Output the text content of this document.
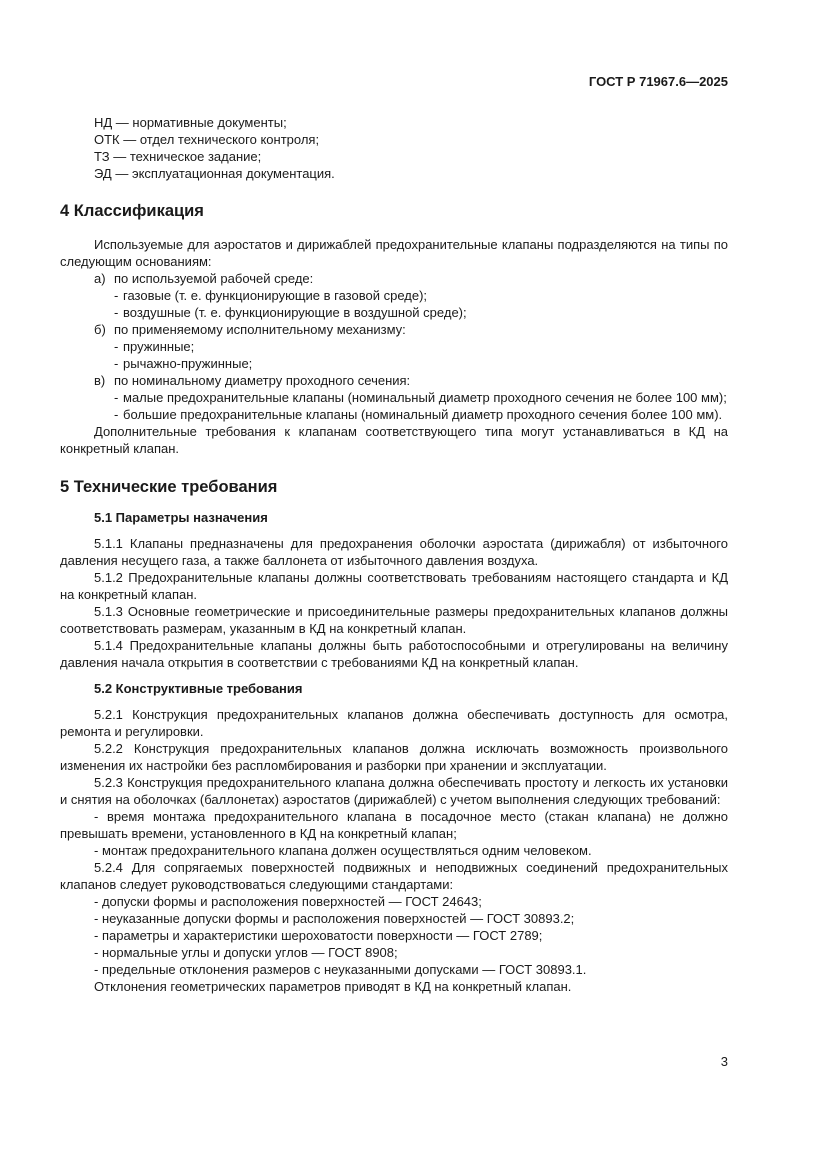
ГОСТ Р 71967.6—2025

НД — нормативные документы;

ОТК — отдел технического контроля;

ТЗ — техническое задание;

ЭД — эксплуатационная документация.

4 Классификация

Используемые для аэростатов и дирижаблей предохранительные клапаны подразделяются на типы по следующим основаниям:

а) по используемой рабочей среде:
- газовые (т. е. функционирующие в газовой среде);
- воздушные (т. е. функционирующие в воздушной среде);
б) по применяемому исполнительному механизму:
- пружинные;
- рычажно-пружинные;
в) по номинальному диаметру проходного сечения:
- малые предохранительные клапаны (номинальный диаметр проходного сечения не более 100 мм);
- большие предохранительные клапаны (номинальный диаметр проходного сечения более 100 мм).

Дополнительные требования к клапанам соответствующего типа могут устанавливаться в КД на конкретный клапан.

5 Технические требования
5.1 Параметры назначения

5.1.1 Клапаны предназначены для предохранения оболочки аэростата (дирижабля) от избыточного давления несущего газа, а также баллонета от избыточного давления воздуха.

5.1.2 Предохранительные клапаны должны соответствовать требованиям настоящего стандарта и КД на конкретный клапан.

5.1.3 Основные геометрические и присоединительные размеры предохранительных клапанов должны соответствовать размерам, указанным в КД на конкретный клапан.

5.1.4 Предохранительные клапаны должны быть работоспособными и отрегулированы на величину давления начала открытия в соответствии с требованиями КД на конкретный клапан.

5.2 Конструктивные требования

5.2.1 Конструкция предохранительных клапанов должна обеспечивать доступность для осмотра, ремонта и регулировки.

5.2.2 Конструкция предохранительных клапанов должна исключать возможность произвольного изменения их настройки без распломбирования и разборки при хранении и эксплуатации.

5.2.3 Конструкция предохранительного клапана должна обеспечивать простоту и легкость их установки и снятия на оболочках (баллонетах) аэростатов (дирижаблей) с учетом выполнения следующих требований:

- время монтажа предохранительного клапана в посадочное место (стакан клапана) не должно превышать времени, установленного в КД на конкретный клапан;

- монтаж предохранительного клапана должен осуществляться одним человеком.

5.2.4 Для сопрягаемых поверхностей подвижных и неподвижных соединений предохранительных клапанов следует руководствоваться следующими стандартами:

- допуски формы и расположения поверхностей — ГОСТ 24643;

- неуказанные допуски формы и расположения поверхностей — ГОСТ 30893.2;

- параметры и характеристики шероховатости поверхности — ГОСТ 2789;

- нормальные углы и допуски углов — ГОСТ 8908;

- предельные отклонения размеров с неуказанными допусками — ГОСТ 30893.1.

Отклонения геометрических параметров приводят в КД на конкретный клапан.

3
